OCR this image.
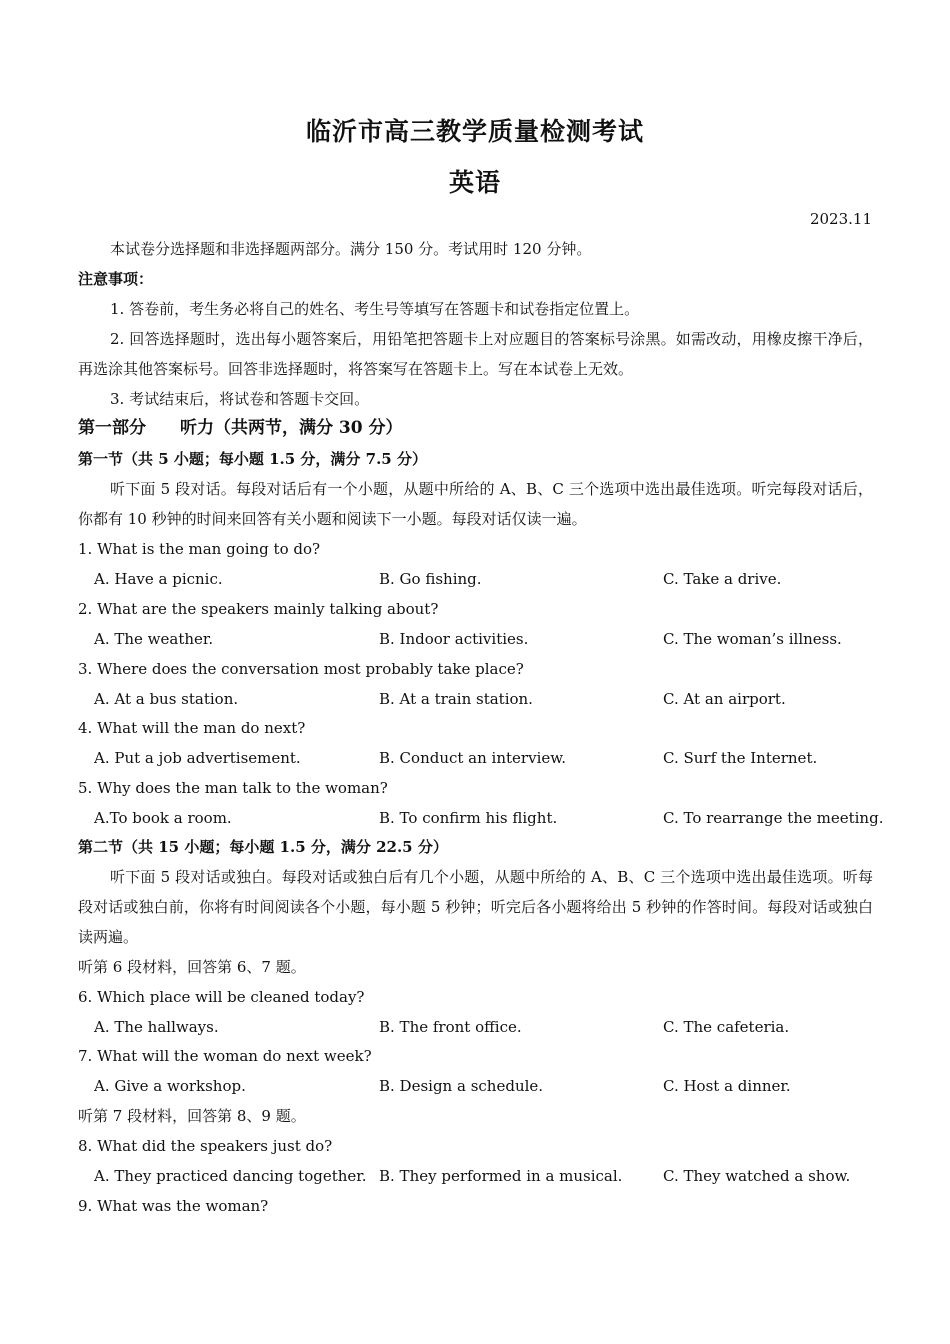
临沂市高三教学质量检测考试
英语
2023.11
本试卷分选择题和非选择题两部分。满分 150 分。考试用时 120 分钟。
注意事项：
1. 答卷前，考生务必将自己的姓名、考生号等填写在答题卡和试卷指定位置上。
2. 回答选择题时，选出每小题答案后，用铅笔把答题卡上对应题目的答案标号涂黑。如需改动，用橡皮擦干净后，再选涂其他答案标号。回答非选择题时，将答案写在答题卡上。写在本试卷上无效。
3. 考试结束后，将试卷和答题卡交回。
第一部分　　听力（共两节，满分 30 分）
第一节（共 5 小题；每小题 1.5 分，满分 7.5 分）
听下面 5 段对话。每段对话后有一个小题，从题中所给的 A、B、C 三个选项中选出最佳选项。听完每段对话后，你都有 10 秒钟的时间来回答有关小题和阅读下一小题。每段对话仅读一遍。
1. What is the man going to do?
A. Have a picnic.	B. Go fishing.	C. Take a drive.
2. What are the speakers mainly talking about?
A. The weather.	B. Indoor activities.	C. The woman’s illness.
3. Where does the conversation most probably take place?
A. At a bus station.	B. At a train station.	C. At an airport.
4. What will the man do next?
A. Put a job advertisement.	B. Conduct an interview.	C. Surf the Internet.
5. Why does the man talk to the woman?
A.To book a room.	B. To confirm his flight.	C. To rearrange the meeting.
第二节（共 15 小题；每小题 1.5 分，满分 22.5 分）
听下面 5 段对话或独白。每段对话或独白后有几个小题，从题中所给的 A、B、C 三个选项中选出最佳选项。听每段对话或独白前，你将有时间阅读各个小题，每小题 5 秒钟；听完后各小题将给出 5 秒钟的作答时间。每段对话或独白读两遍。
听第 6 段材料，回答第 6、7 题。
6. Which place will be cleaned today?
A. The hallways.	B. The front office.	C. The cafeteria.
7. What will the woman do next week?
A. Give a workshop.	B. Design a schedule.	C. Host a dinner.
听第 7 段材料，回答第 8、9 题。
8. What did the speakers just do?
A. They practiced dancing together. B. They performed in a musical.	C. They watched a show.
9. What was the woman?
